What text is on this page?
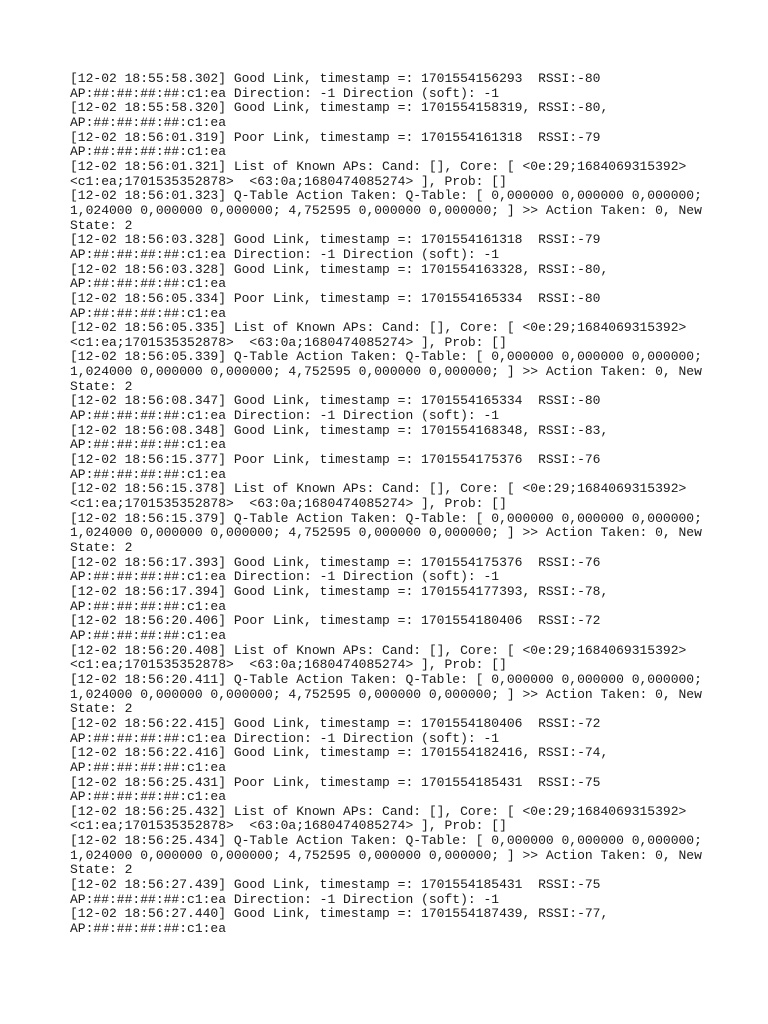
[12-02 18:55:58.302] Good Link, timestamp =: 1701554156293  RSSI:-80
AP:##:##:##:##:c1:ea Direction: -1 Direction (soft): -1
[12-02 18:55:58.320] Good Link, timestamp =: 1701554158319, RSSI:-80,
AP:##:##:##:##:c1:ea
[12-02 18:56:01.319] Poor Link, timestamp =: 1701554161318  RSSI:-79
AP:##:##:##:##:c1:ea
[12-02 18:56:01.321] List of Known APs: Cand: [], Core: [ <0e:29;1684069315392>
<c1:ea;1701535352878>  <63:0a;1680474085274> ], Prob: []
[12-02 18:56:01.323] Q-Table Action Taken: Q-Table: [ 0,000000 0,000000 0,000000;
1,024000 0,000000 0,000000; 4,752595 0,000000 0,000000; ] >> Action Taken: 0, New
State: 2
[12-02 18:56:03.328] Good Link, timestamp =: 1701554161318  RSSI:-79
AP:##:##:##:##:c1:ea Direction: -1 Direction (soft): -1
[12-02 18:56:03.328] Good Link, timestamp =: 1701554163328, RSSI:-80,
AP:##:##:##:##:c1:ea
[12-02 18:56:05.334] Poor Link, timestamp =: 1701554165334  RSSI:-80
AP:##:##:##:##:c1:ea
[12-02 18:56:05.335] List of Known APs: Cand: [], Core: [ <0e:29;1684069315392>
<c1:ea;1701535352878>  <63:0a;1680474085274> ], Prob: []
[12-02 18:56:05.339] Q-Table Action Taken: Q-Table: [ 0,000000 0,000000 0,000000;
1,024000 0,000000 0,000000; 4,752595 0,000000 0,000000; ] >> Action Taken: 0, New
State: 2
[12-02 18:56:08.347] Good Link, timestamp =: 1701554165334  RSSI:-80
AP:##:##:##:##:c1:ea Direction: -1 Direction (soft): -1
[12-02 18:56:08.348] Good Link, timestamp =: 1701554168348, RSSI:-83,
AP:##:##:##:##:c1:ea
[12-02 18:56:15.377] Poor Link, timestamp =: 1701554175376  RSSI:-76
AP:##:##:##:##:c1:ea
[12-02 18:56:15.378] List of Known APs: Cand: [], Core: [ <0e:29;1684069315392>
<c1:ea;1701535352878>  <63:0a;1680474085274> ], Prob: []
[12-02 18:56:15.379] Q-Table Action Taken: Q-Table: [ 0,000000 0,000000 0,000000;
1,024000 0,000000 0,000000; 4,752595 0,000000 0,000000; ] >> Action Taken: 0, New
State: 2
[12-02 18:56:17.393] Good Link, timestamp =: 1701554175376  RSSI:-76
AP:##:##:##:##:c1:ea Direction: -1 Direction (soft): -1
[12-02 18:56:17.394] Good Link, timestamp =: 1701554177393, RSSI:-78,
AP:##:##:##:##:c1:ea
[12-02 18:56:20.406] Poor Link, timestamp =: 1701554180406  RSSI:-72
AP:##:##:##:##:c1:ea
[12-02 18:56:20.408] List of Known APs: Cand: [], Core: [ <0e:29;1684069315392>
<c1:ea;1701535352878>  <63:0a;1680474085274> ], Prob: []
[12-02 18:56:20.411] Q-Table Action Taken: Q-Table: [ 0,000000 0,000000 0,000000;
1,024000 0,000000 0,000000; 4,752595 0,000000 0,000000; ] >> Action Taken: 0, New
State: 2
[12-02 18:56:22.415] Good Link, timestamp =: 1701554180406  RSSI:-72
AP:##:##:##:##:c1:ea Direction: -1 Direction (soft): -1
[12-02 18:56:22.416] Good Link, timestamp =: 1701554182416, RSSI:-74,
AP:##:##:##:##:c1:ea
[12-02 18:56:25.431] Poor Link, timestamp =: 1701554185431  RSSI:-75
AP:##:##:##:##:c1:ea
[12-02 18:56:25.432] List of Known APs: Cand: [], Core: [ <0e:29;1684069315392>
<c1:ea;1701535352878>  <63:0a;1680474085274> ], Prob: []
[12-02 18:56:25.434] Q-Table Action Taken: Q-Table: [ 0,000000 0,000000 0,000000;
1,024000 0,000000 0,000000; 4,752595 0,000000 0,000000; ] >> Action Taken: 0, New
State: 2
[12-02 18:56:27.439] Good Link, timestamp =: 1701554185431  RSSI:-75
AP:##:##:##:##:c1:ea Direction: -1 Direction (soft): -1
[12-02 18:56:27.440] Good Link, timestamp =: 1701554187439, RSSI:-77,
AP:##:##:##:##:c1:ea
